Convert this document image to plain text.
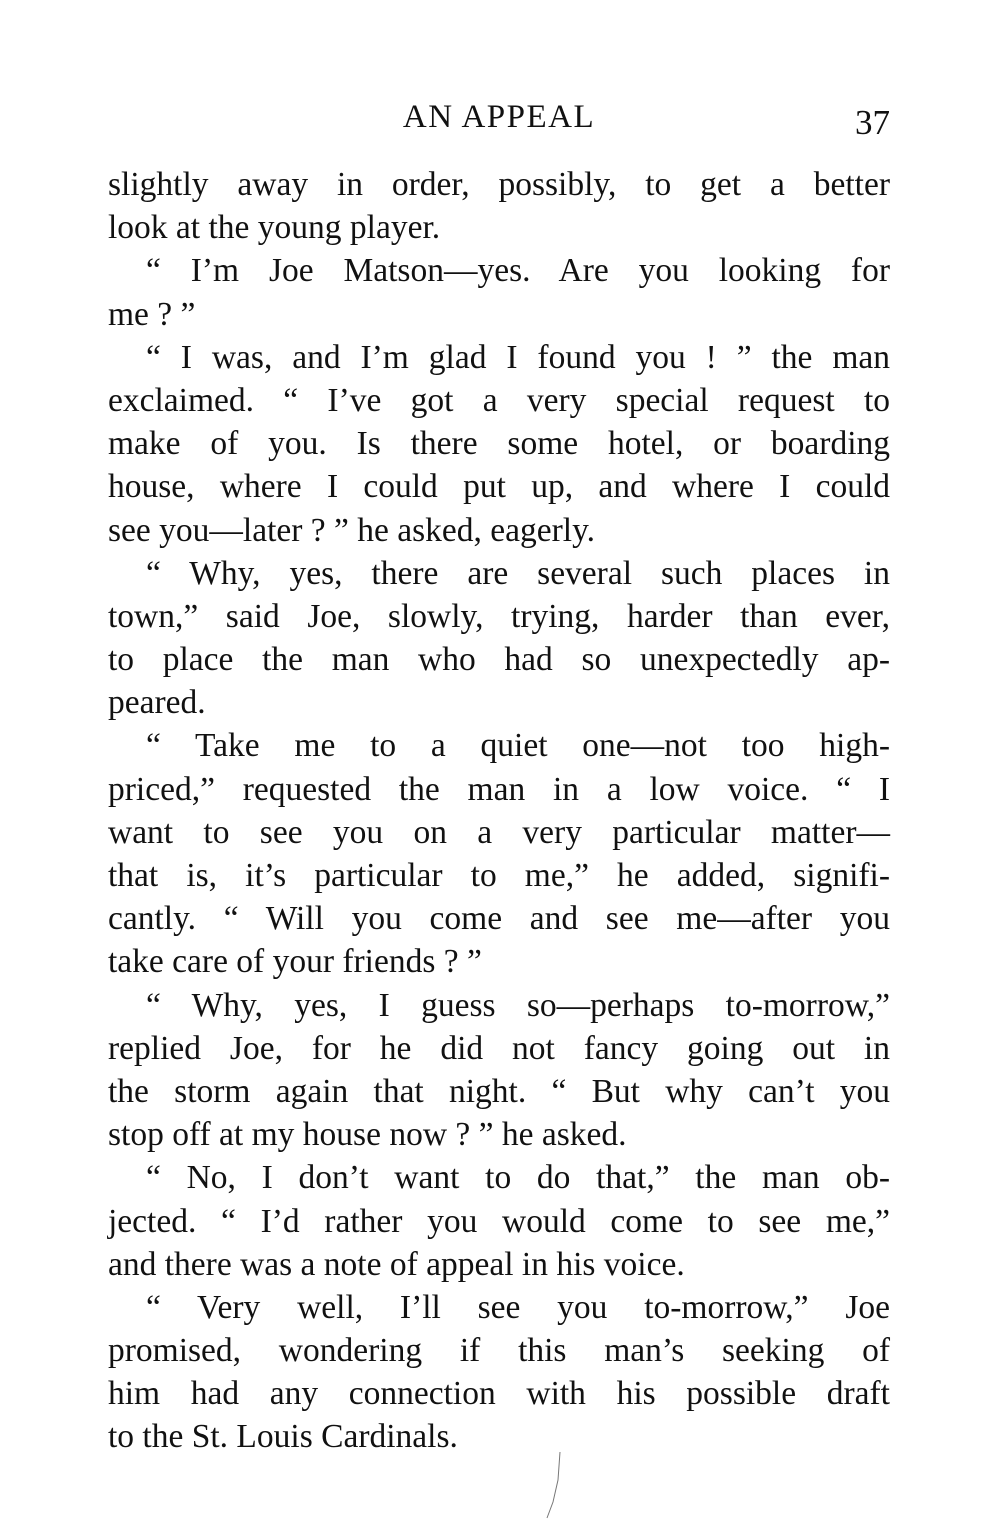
AN APPEAL	37
slightly away in order, possibly, to get a better
look at the young player.
“ I’m Joe Matson—yes. Are you looking for
me ? ”
“ I was, and I’m glad I found you ! ” the man
exclaimed. “ I’ve got a very special request to
make of you. Is there some hotel, or boarding
house, where I could put up, and where I could
see you—later ? ” he asked, eagerly.
“ Why, yes, there are several such places in
town,” said Joe, slowly, trying, harder than ever,
to place the man who had so unexpectedly ap-
peared.
“ Take me to a quiet one—not too high-
priced,” requested the man in a low voice. “ I
want to see you on a very particular matter—
that is, it’s particular to me,” he added, signifi-
cantly. “ Will you come and see me—after you
take care of your friends ? ”
“ Why, yes, I guess so—perhaps to-morrow,”
replied Joe, for he did not fancy going out in
the storm again that night. “ But why can’t you
stop off at my house now ? ” he asked.
“ No, I don’t want to do that,” the man ob-
jected. “ I’d rather you would come to see me,”
and there was a note of appeal in his voice.
“ Very well, I’ll see you to-morrow,” Joe
promised, wondering if this man’s seeking of
him had any connection with his possible draft
to the St. Louis Cardinals.
